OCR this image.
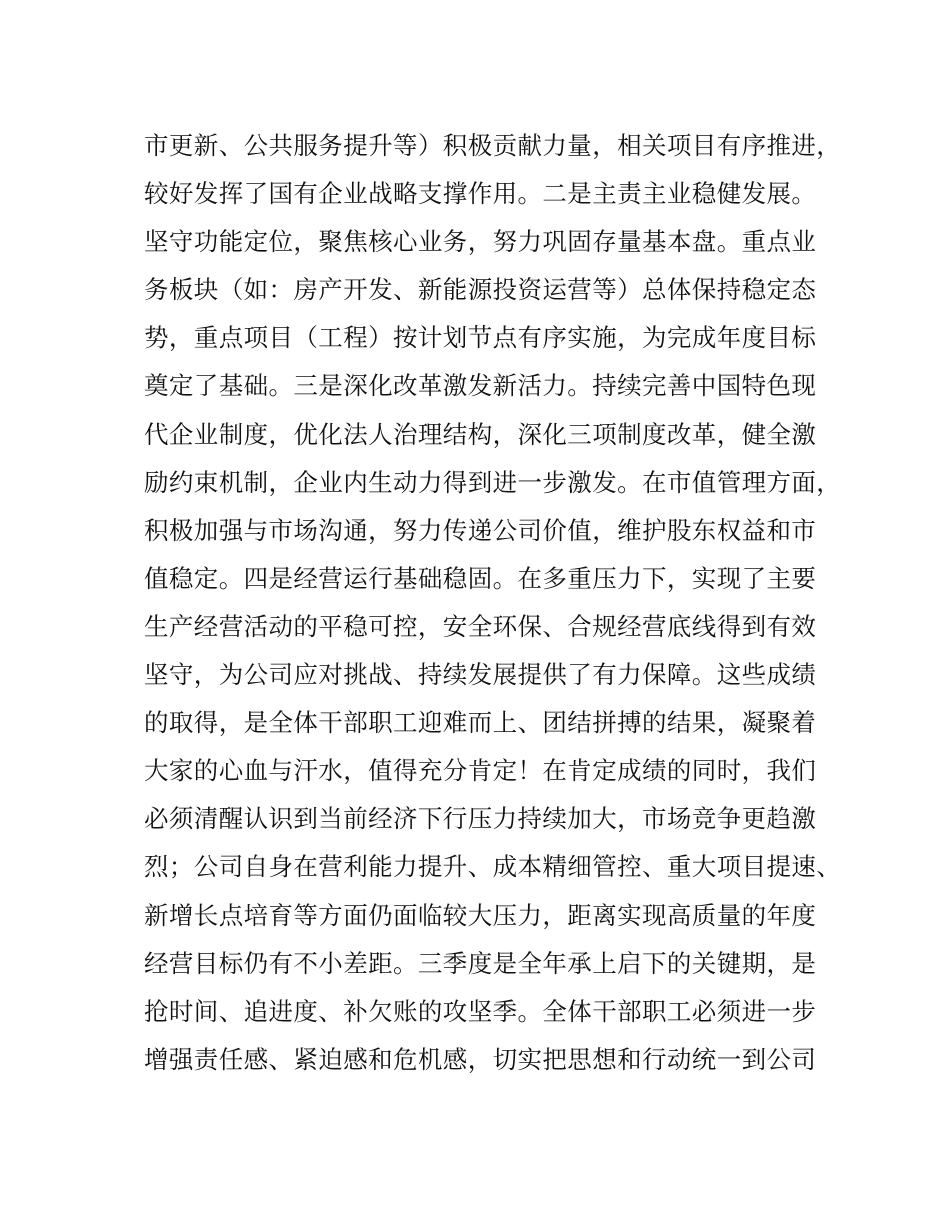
市更新、公共服务提升等）积极贡献力量，相关项目有序推进，
较好发挥了国有企业战略支撑作用。二是主责主业稳健发展。
坚守功能定位，聚焦核心业务，努力巩固存量基本盘。重点业
务板块（如：房产开发、新能源投资运营等）总体保持稳定态
势，重点项目（工程）按计划节点有序实施，为完成年度目标
奠定了基础。三是深化改革激发新活力。持续完善中国特色现
代企业制度，优化法人治理结构，深化三项制度改革，健全激
励约束机制，企业内生动力得到进一步激发。在市值管理方面，
积极加强与市场沟通，努力传递公司价值，维护股东权益和市
值稳定。四是经营运行基础稳固。在多重压力下，实现了主要
生产经营活动的平稳可控，安全环保、合规经营底线得到有效
坚守，为公司应对挑战、持续发展提供了有力保障。这些成绩
的取得，是全体干部职工迎难而上、团结拼搏的结果，凝聚着
大家的心血与汗水，值得充分肯定！在肯定成绩的同时，我们
必须清醒认识到当前经济下行压力持续加大，市场竞争更趋激
烈；公司自身在营利能力提升、成本精细管控、重大项目提速、
新增长点培育等方面仍面临较大压力，距离实现高质量的年度
经营目标仍有不小差距。三季度是全年承上启下的关键期，是
抢时间、追进度、补欠账的攻坚季。全体干部职工必须进一步
增强责任感、紧迫感和危机感，切实把思想和行动统一到公司
